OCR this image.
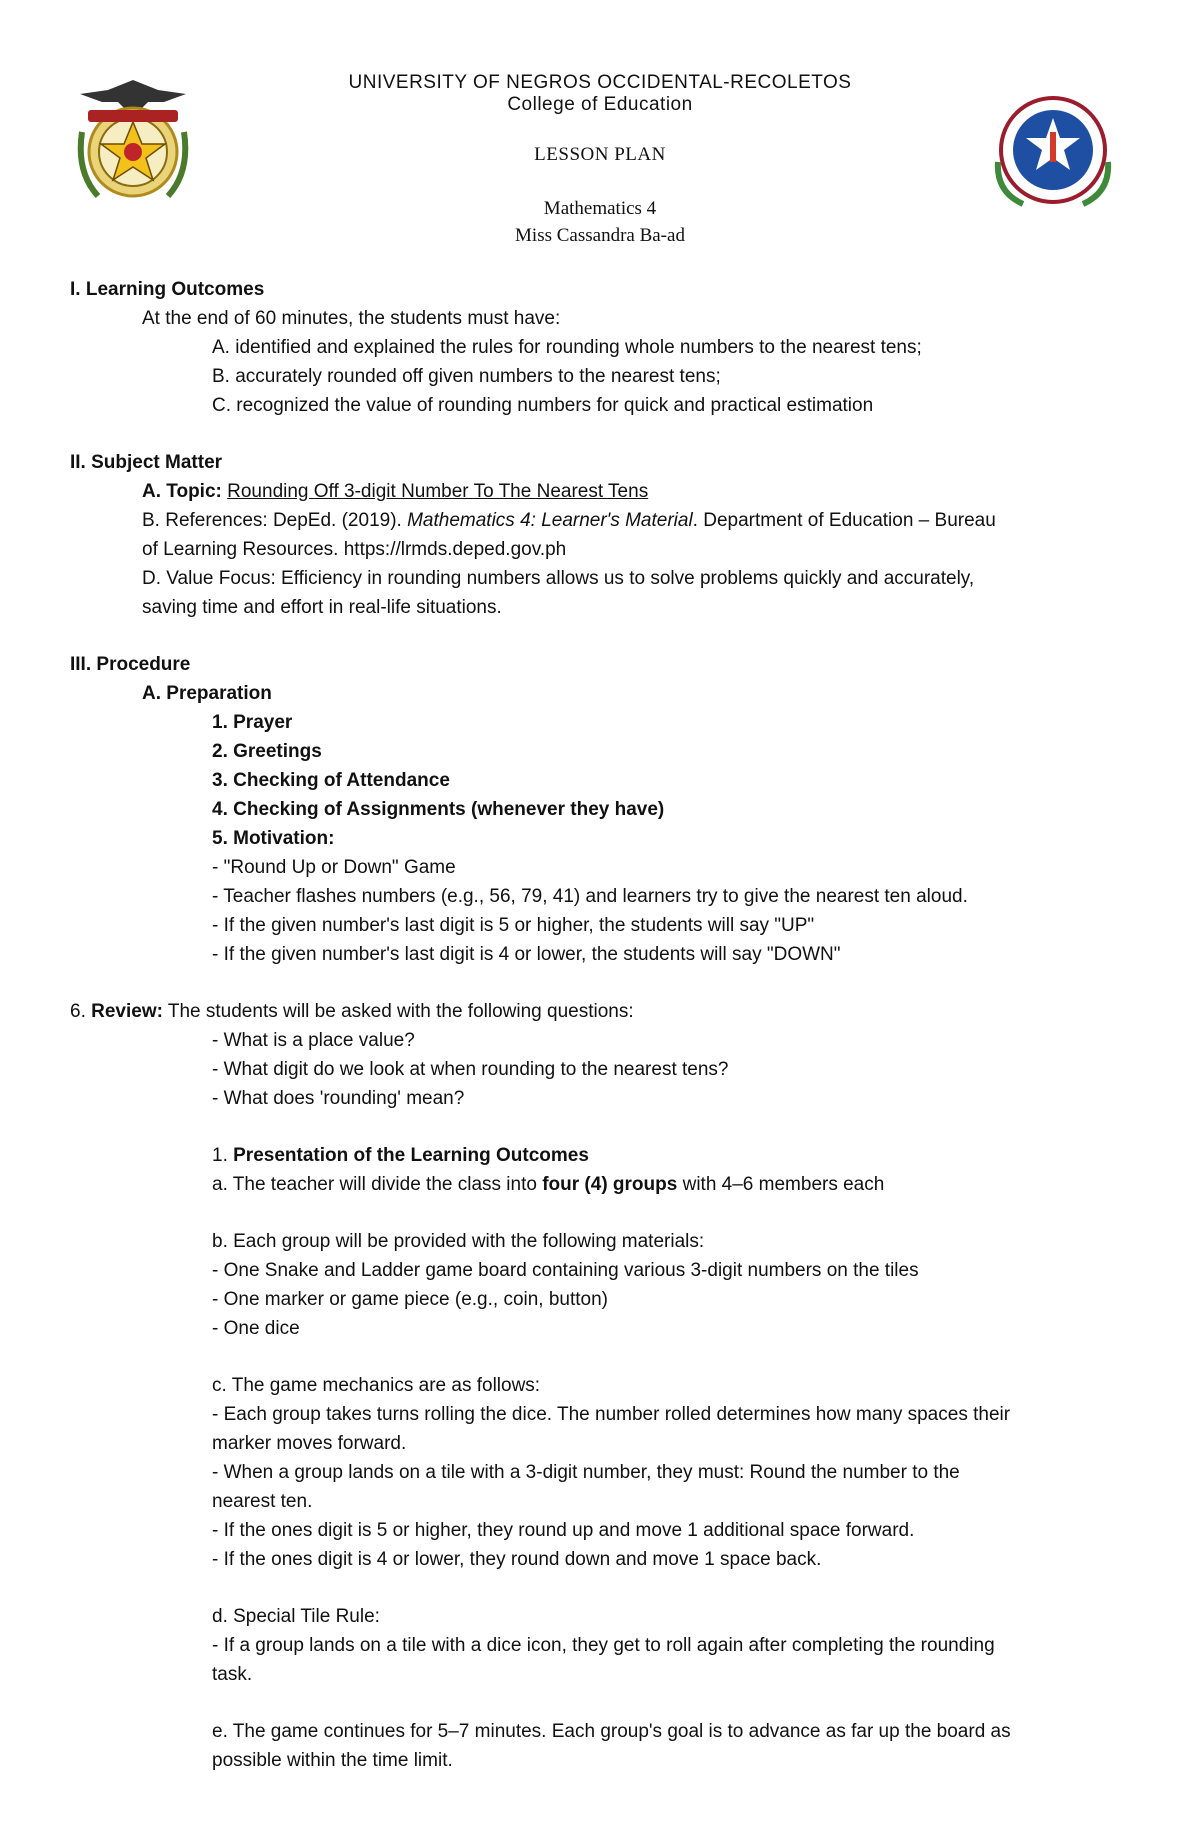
UNIVERSITY OF NEGROS OCCIDENTAL-RECOLETOS
College of Education
LESSON PLAN
Mathematics 4
Miss Cassandra Ba-ad

I. Learning Outcomes

At the end of 60 minutes, the students must have:

A. identified and explained the rules for rounding whole numbers to the nearest tens;

B. accurately rounded off given numbers to the nearest tens;

C. recognized the value of rounding numbers for quick and practical estimation

II. Subject Matter

A. Topic: Rounding Off 3-digit Number To The Nearest Tens

B. References: DepEd. (2019). Mathematics 4: Learner's Material. Department of Education – Bureau

of Learning Resources. https://lrmds.deped.gov.ph

D. Value Focus: Efficiency in rounding numbers allows us to solve problems quickly and accurately,

saving time and effort in real-life situations.

III. Procedure

A. Preparation

1. Prayer

2. Greetings

3. Checking of Attendance

4. Checking of Assignments (whenever they have)

5. Motivation:

- "Round Up or Down" Game

- Teacher flashes numbers (e.g., 56, 79, 41) and learners try to give the nearest ten aloud.

- If the given number's last digit is 5 or higher, the students will say "UP"

- If the given number's last digit is 4 or lower, the students will say "DOWN"

6. Review: The students will be asked with the following questions:

- What is a place value?

- What digit do we look at when rounding to the nearest tens?

- What does 'rounding' mean?

1. Presentation of the Learning Outcomes

a. The teacher will divide the class into four (4) groups with 4–6 members each

b. Each group will be provided with the following materials:

- One Snake and Ladder game board containing various 3-digit numbers on the tiles

- One marker or game piece (e.g., coin, button)

- One dice

c. The game mechanics are as follows:

- Each group takes turns rolling the dice. The number rolled determines how many spaces their

marker moves forward.

- When a group lands on a tile with a 3-digit number, they must: Round the number to the

nearest ten.

- If the ones digit is 5 or higher, they round up and move 1 additional space forward.

- If the ones digit is 4 or lower, they round down and move 1 space back.

d. Special Tile Rule:

- If a group lands on a tile with a dice icon, they get to roll again after completing the rounding

task.

e. The game continues for 5–7 minutes. Each group's goal is to advance as far up the board as

possible within the time limit.
